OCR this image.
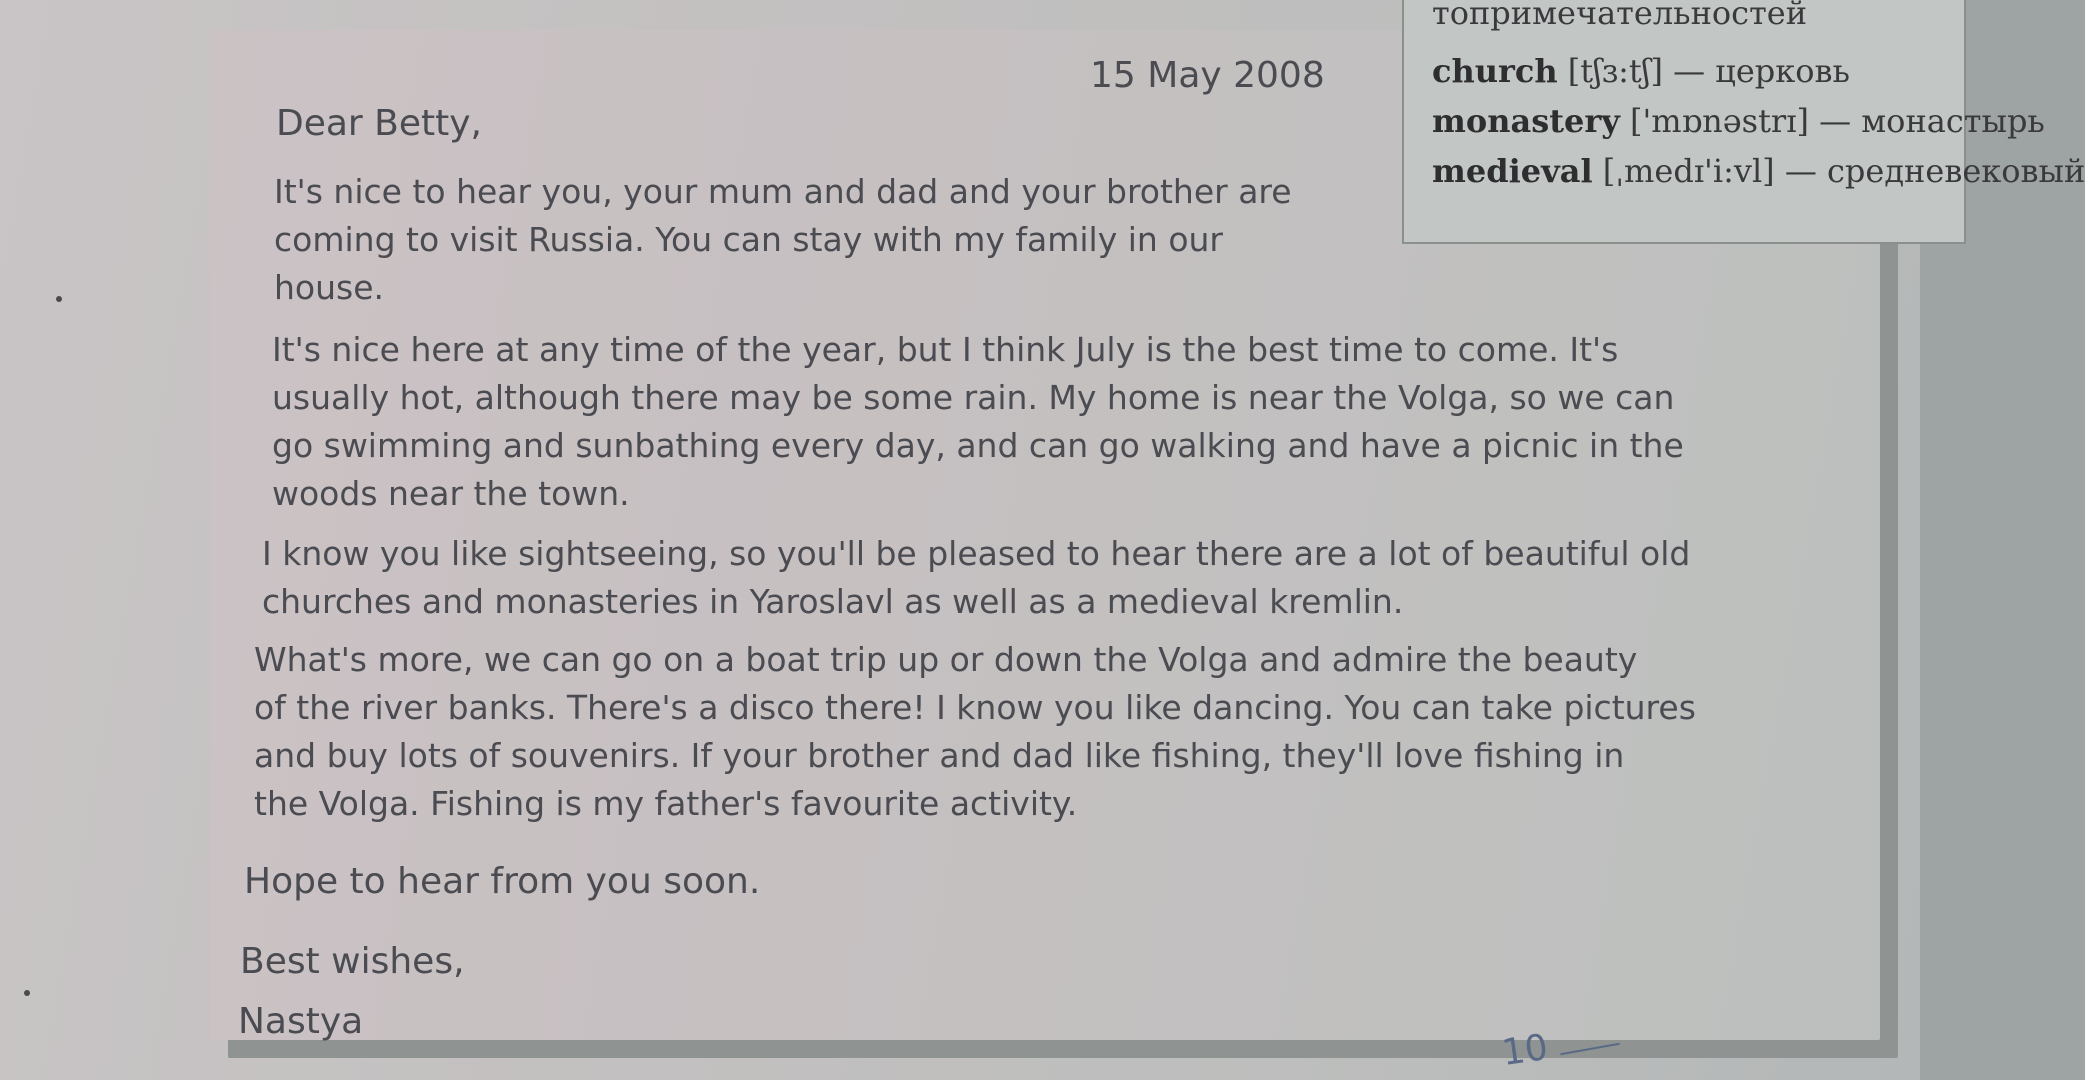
топримечательностей
church [tʃɜ:tʃ] — церковь
monastery ['mɒnəstrɪ] — монастырь
medieval [ˌmedɪ'i:vl] — средневековый
15 May 2008
Dear Betty,

It's nice to hear you, your mum and dad and your brother are

coming to visit Russia. You can stay with my family in our

house.

It's nice here at any time of the year, but I think July is the best time to come. It's

usually hot, although there may be some rain. My home is near the Volga, so we can

go swimming and sunbathing every day, and can go walking and have a picnic in the

woods near the town.

I know you like sightseeing, so you'll be pleased to hear there are a lot of beautiful old

churches and monasteries in Yaroslavl as well as a medieval kremlin.

What's more, we can go on a boat trip up or down the Volga and admire the beauty

of the river banks. There's a disco there! I know you like dancing. You can take pictures

and buy lots of souvenirs. If your brother and dad like fishing, they'll love fishing in

the Volga. Fishing is my father's favourite activity.

Hope to hear from you soon.
Best wishes,
Nastya
10
